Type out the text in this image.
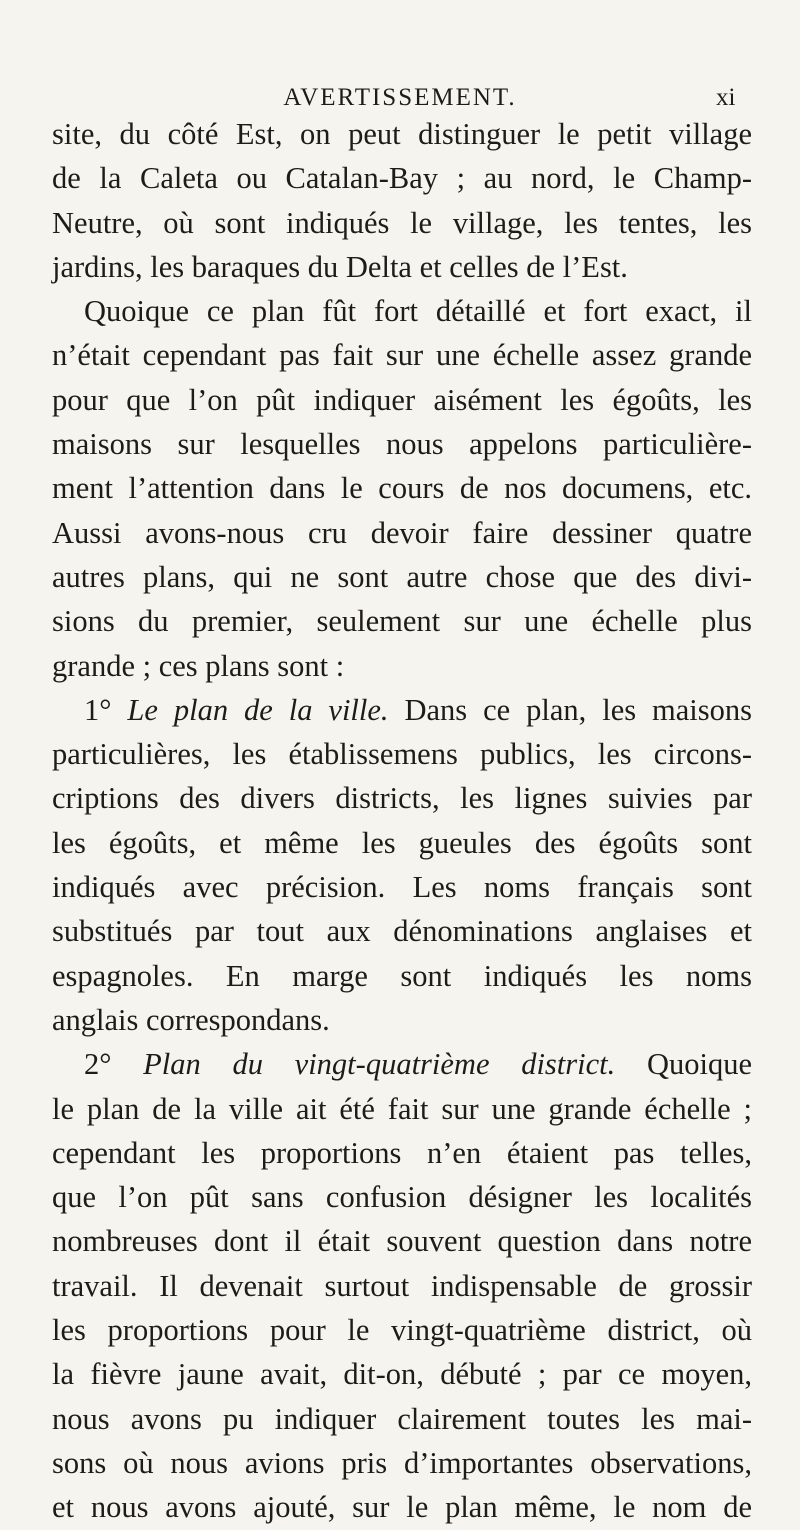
AVERTISSEMENT.	xi
site, du côté Est, on peut distinguer le petit village
de la Caleta ou Catalan-Bay ; au nord, le Champ-
Neutre, où sont indiqués le village, les tentes, les
jardins, les baraques du Delta et celles de l’Est.
Quoique ce plan fût fort détaillé et fort exact, il
n’était cependant pas fait sur une échelle assez grande
pour que l’on pût indiquer aisément les égoûts, les
maisons sur lesquelles nous appelons particulière-
ment l’attention dans le cours de nos documens, etc.
Aussi avons-nous cru devoir faire dessiner quatre
autres plans, qui ne sont autre chose que des divi-
sions du premier, seulement sur une échelle plus
grande ; ces plans sont :
1° Le plan de la ville. Dans ce plan, les maisons
particulières, les établissemens publics, les circons-
criptions des divers districts, les lignes suivies par
les égoûts, et même les gueules des égoûts sont
indiqués avec précision. Les noms français sont
substitués par tout aux dénominations anglaises et
espagnoles. En marge sont indiqués les noms
anglais correspondans.
2° Plan du vingt-quatrième district. Quoique
le plan de la ville ait été fait sur une grande échelle ;
cependant les proportions n’en étaient pas telles,
que l’on pût sans confusion désigner les localités
nombreuses dont il était souvent question dans notre
travail. Il devenait surtout indispensable de grossir
les proportions pour le vingt-quatrième district, où
la fièvre jaune avait, dit-on, débuté ; par ce moyen,
nous avons pu indiquer clairement toutes les mai-
sons où nous avions pris d’importantes observations,
et nous avons ajouté, sur le plan même, le nom de
